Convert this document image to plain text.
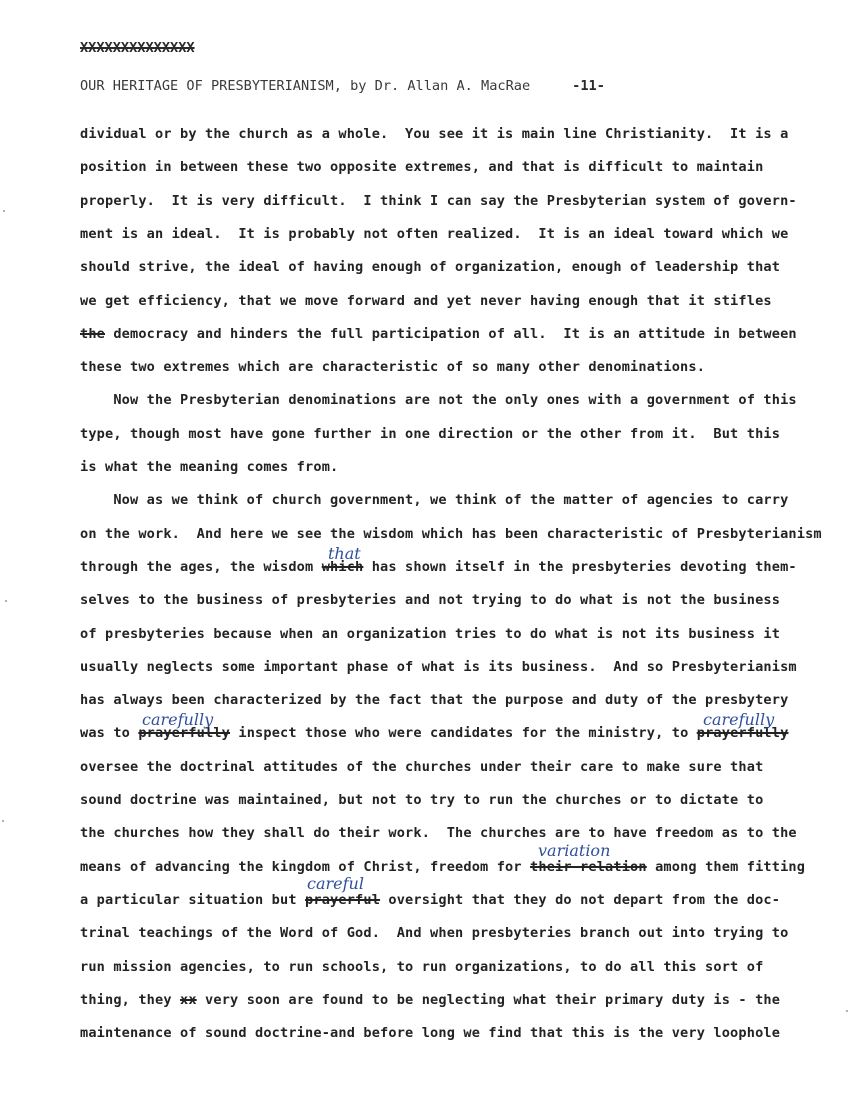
XXXXXXXXXXXXXX
OUR HERITAGE OF PRESBYTERIANISM, by Dr. Allan A. MacRae	-11-
dividual or by the church as a whole.  You see it is main line Christianity.  It is a
position in between these two opposite extremes, and that is difficult to maintain
properly.  It is very difficult.  I think I can say the Presbyterian system of govern-
ment is an ideal.  It is probably not often realized.  It is an ideal toward which we
should strive, the ideal of having enough of organization, enough of leadership that
we get efficiency, that we move forward and yet never having enough that it stifles
the democracy and hinders the full participation of all.  It is an attitude in between
these two extremes which are characteristic of so many other denominations.
Now the Presbyterian denominations are not the only ones with a government of this
type, though most have gone further in one direction or the other from it.  But this
is what the meaning comes from.
Now as we think of church government, we think of the matter of agencies to carry
on the work.  And here we see the wisdom which has been characteristic of Presbyterianism
through the ages, the wisdom which has shown itself in the presbyteries devoting them-
selves to the business of presbyteries and not trying to do what is not the business
of presbyteries because when an organization tries to do what is not its business it
usually neglects some important phase of what is its business.  And so Presbyterianism
has always been characterized by the fact that the purpose and duty of the presbytery
was to prayerfully inspect those who were candidates for the ministry, to prayerfully
oversee the doctrinal attitudes of the churches under their care to make sure that
sound doctrine was maintained, but not to try to run the churches or to dictate to
the churches how they shall do their work.  The churches are to have freedom as to the
means of advancing the kingdom of Christ, freedom for their relation among them fitting
a particular situation but prayerful oversight that they do not depart from the doc-
trinal teachings of the Word of God.  And when presbyteries branch out into trying to
run mission agencies, to run schools, to run organizations, to do all this sort of
thing, they xx very soon are found to be neglecting what their primary duty is - the
maintenance of sound doctrine-and before long we find that this is the very loophole
that
carefully	carefully
variation
careful
